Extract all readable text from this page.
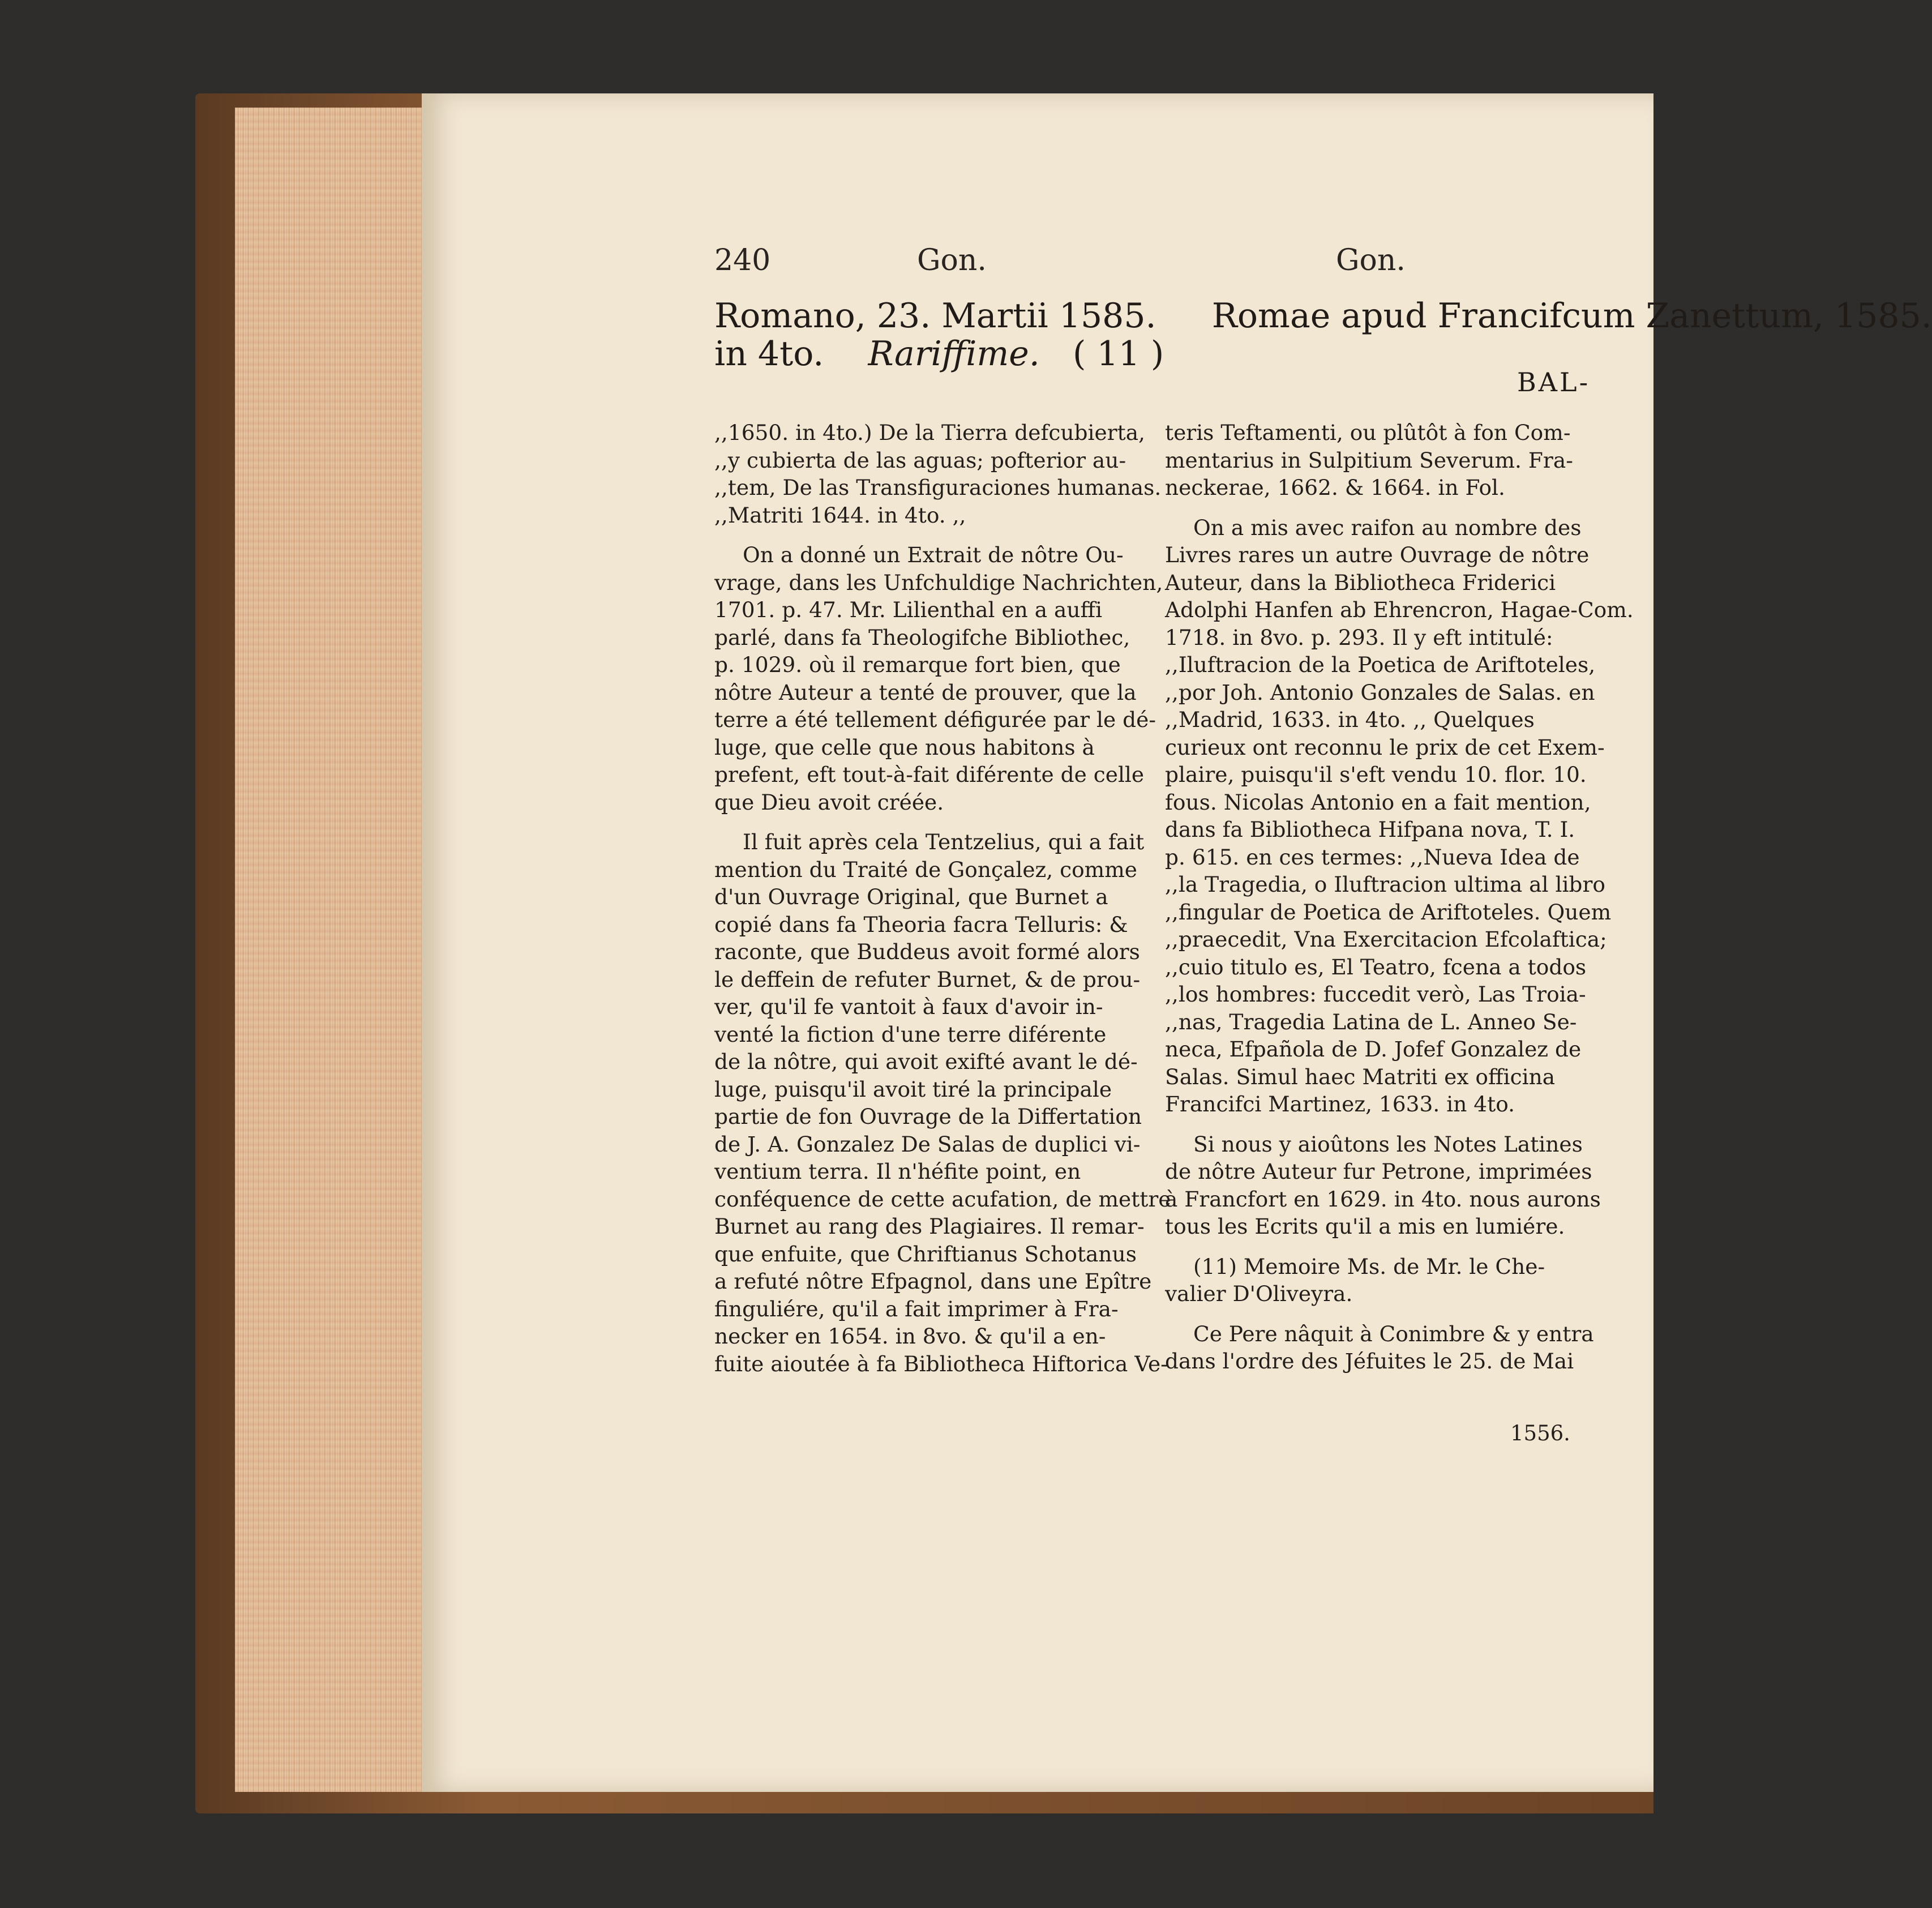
240	Gon.	Gon.
Romano, 23. Martii 1585. Romae apud Francifcum Zanettum, 1585.
in 4to. Rariffime. ( 11 )
BAL-

,,1650. in 4to.) De la Tierra defcubierta,
,,y cubierta de las aguas; pofterior au-
,,tem, De las Transfiguraciones humanas.
,,Matriti 1644. in 4to. ,,

On a donné un Extrait de nôtre Ou-
vrage, dans les Unfchuldige Nachrichten,
1701. p. 47. Mr. Lilienthal en a auffi
parlé, dans fa Theologifche Bibliothec,
p. 1029. où il remarque fort bien, que
nôtre Auteur a tenté de prouver, que la
terre a été tellement défigurée par le dé-
luge, que celle que nous habitons à
prefent, eft tout-à-fait diférente de celle
que Dieu avoit créée.

Il fuit après cela Tentzelius, qui a fait
mention du Traité de Gonçalez, comme
d'un Ouvrage Original, que Burnet a
copié dans fa Theoria facra Telluris: &
raconte, que Buddeus avoit formé alors
le deffein de refuter Burnet, & de prou-
ver, qu'il fe vantoit à faux d'avoir in-
venté la fiction d'une terre diférente
de la nôtre, qui avoit exifté avant le dé-
luge, puisqu'il avoit tiré la principale
partie de fon Ouvrage de la Differtation
de J. A. Gonzalez De Salas de duplici vi-
ventium terra. Il n'héfite point, en
conféquence de cette acufation, de mettre
Burnet au rang des Plagiaires. Il remar-
que enfuite, que Chriftianus Schotanus
a refuté nôtre Efpagnol, dans une Epître
finguliére, qu'il a fait imprimer à Fra-
necker en 1654. in 8vo. & qu'il a en-
fuite aioutée à fa Bibliotheca Hiftorica Ve-

teris Teftamenti, ou plûtôt à fon Com-
mentarius in Sulpitium Severum. Fra-
neckerae, 1662. & 1664. in Fol.

On a mis avec raifon au nombre des
Livres rares un autre Ouvrage de nôtre
Auteur, dans la Bibliotheca Friderici
Adolphi Hanfen ab Ehrencron, Hagae-Com.
1718. in 8vo. p. 293. Il y eft intitulé:
,,Iluftracion de la Poetica de Ariftoteles,
,,por Joh. Antonio Gonzales de Salas. en
,,Madrid, 1633. in 4to. ,, Quelques
curieux ont reconnu le prix de cet Exem-
plaire, puisqu'il s'eft vendu 10. flor. 10.
fous. Nicolas Antonio en a fait mention,
dans fa Bibliotheca Hifpana nova, T. I.
p. 615. en ces termes: ,,Nueva Idea de
,,la Tragedia, o Iluftracion ultima al libro
,,fingular de Poetica de Ariftoteles. Quem
,,praecedit, Vna Exercitacion Efcolaftica;
,,cuio titulo es, El Teatro, fcena a todos
,,los hombres: fuccedit verò, Las Troia-
,,nas, Tragedia Latina de L. Anneo Se-
neca, Efpañola de D. Jofef Gonzalez de
Salas. Simul haec Matriti ex officina
Francifci Martinez, 1633. in 4to.

Si nous y aioûtons les Notes Latines
de nôtre Auteur fur Petrone, imprimées
à Francfort en 1629. in 4to. nous aurons
tous les Ecrits qu'il a mis en lumiére.

(11) Memoire Ms. de Mr. le Che-
valier D'Oliveyra.

Ce Pere nâquit à Conimbre & y entra
dans l'ordre des Jéfuites le 25. de Mai

1556.
